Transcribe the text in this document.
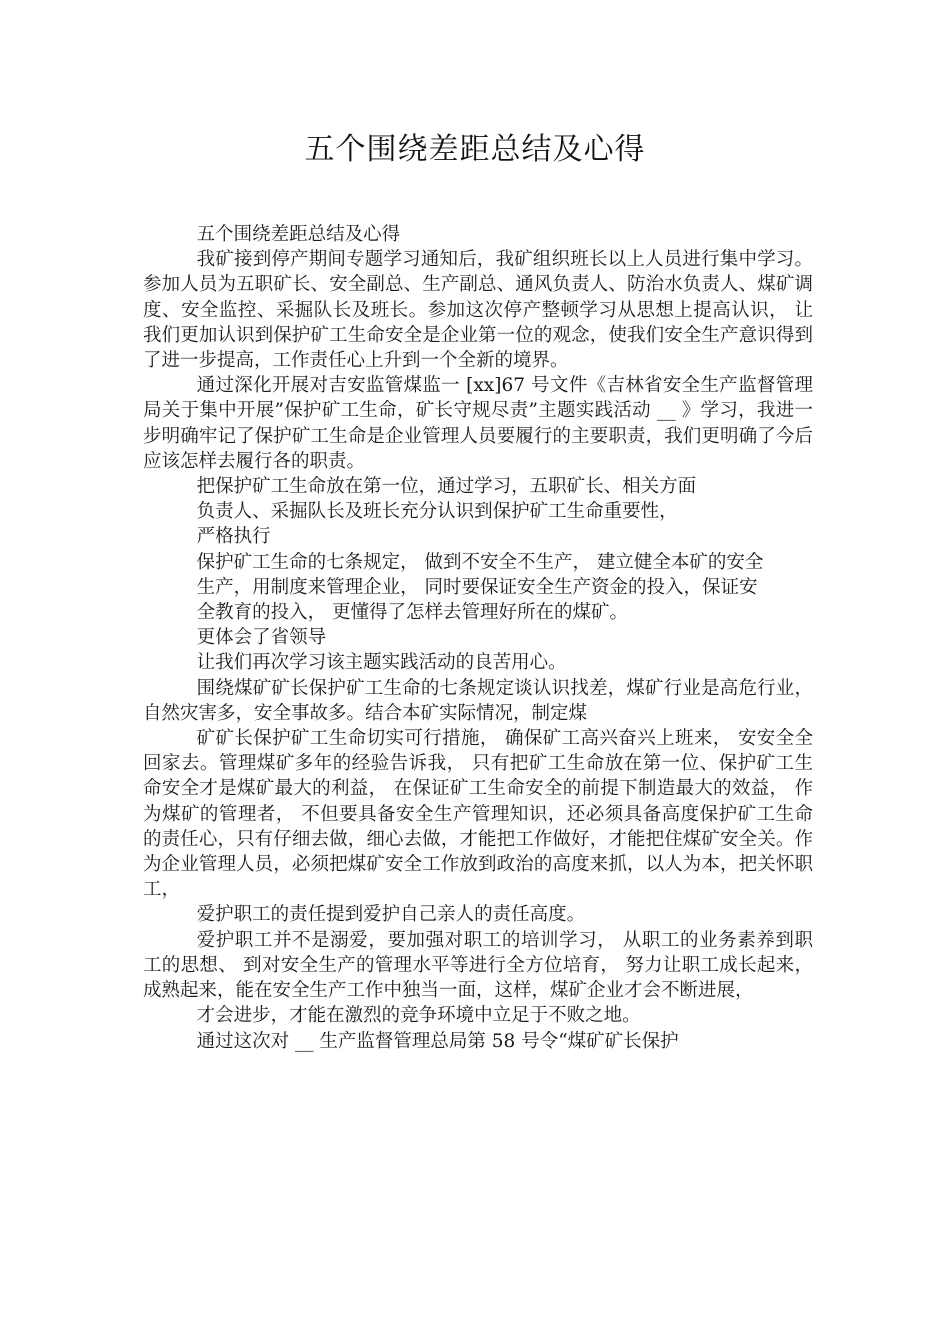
五个围绕差距总结及心得

五个围绕差距总结及心得

我矿接到停产期间专题学习通知后，我矿组织班长以上人员进行集中学习。参加人员为五职矿长、安全副总、生产副总、通风负责人、防治水负责人、煤矿调度、安全监控、采掘队长及班长。参加这次停产整顿学习从思想上提高认识， 让我们更加认识到保护矿工生命安全是企业第一位的观念，使我们安全生产意识得到了进一步提高，工作责任心上升到一个全新的境界。

通过深化开展对吉安监管煤监一 [xx]67 号文件《吉林省安全生产监督管理局关于集中开展”保护矿工生命，矿长守规尽责”主题实践活动 __ 》学习，我进一步明确牢记了保护矿工生命是企业管理人员要履行的主要职责，我们更明确了今后应该怎样去履行各的职责。

把保护矿工生命放在第一位，通过学习，五职矿长、相关方面

负责人、采掘队长及班长充分认识到保护矿工生命重要性，

严格执行

保护矿工生命的七条规定， 做到不安全不生产， 建立健全本矿的安全

生产，用制度来管理企业， 同时要保证安全生产资金的投入，保证安

全教育的投入， 更懂得了怎样去管理好所在的煤矿。

更体会了省领导

让我们再次学习该主题实践活动的良苦用心。

围绕煤矿矿长保护矿工生命的七条规定谈认识找差，煤矿行业是高危行业，自然灾害多，安全事故多。结合本矿实际情况，制定煤

矿矿长保护矿工生命切实可行措施， 确保矿工高兴奋兴上班来， 安安全全回家去。管理煤矿多年的经验告诉我， 只有把矿工生命放在第一位、保护矿工生命安全才是煤矿最大的利益， 在保证矿工生命安全的前提下制造最大的效益， 作为煤矿的管理者， 不但要具备安全生产管理知识，还必须具备高度保护矿工生命的责任心，只有仔细去做，细心去做，才能把工作做好，才能把住煤矿安全关。作为企业管理人员，必须把煤矿安全工作放到政治的高度来抓，以人为本，把关怀职工，

爱护职工的责任提到爱护自己亲人的责任高度。

爱护职工并不是溺爱，要加强对职工的培训学习， 从职工的业务素养到职工的思想、 到对安全生产的管理水平等进行全方位培育， 努力让职工成长起来， 成熟起来，能在安全生产工作中独当一面，这样，煤矿企业才会不断进展，

才会进步，才能在激烈的竞争环境中立足于不败之地。

通过这次对 __ 生产监督管理总局第 58 号令“煤矿矿长保护
